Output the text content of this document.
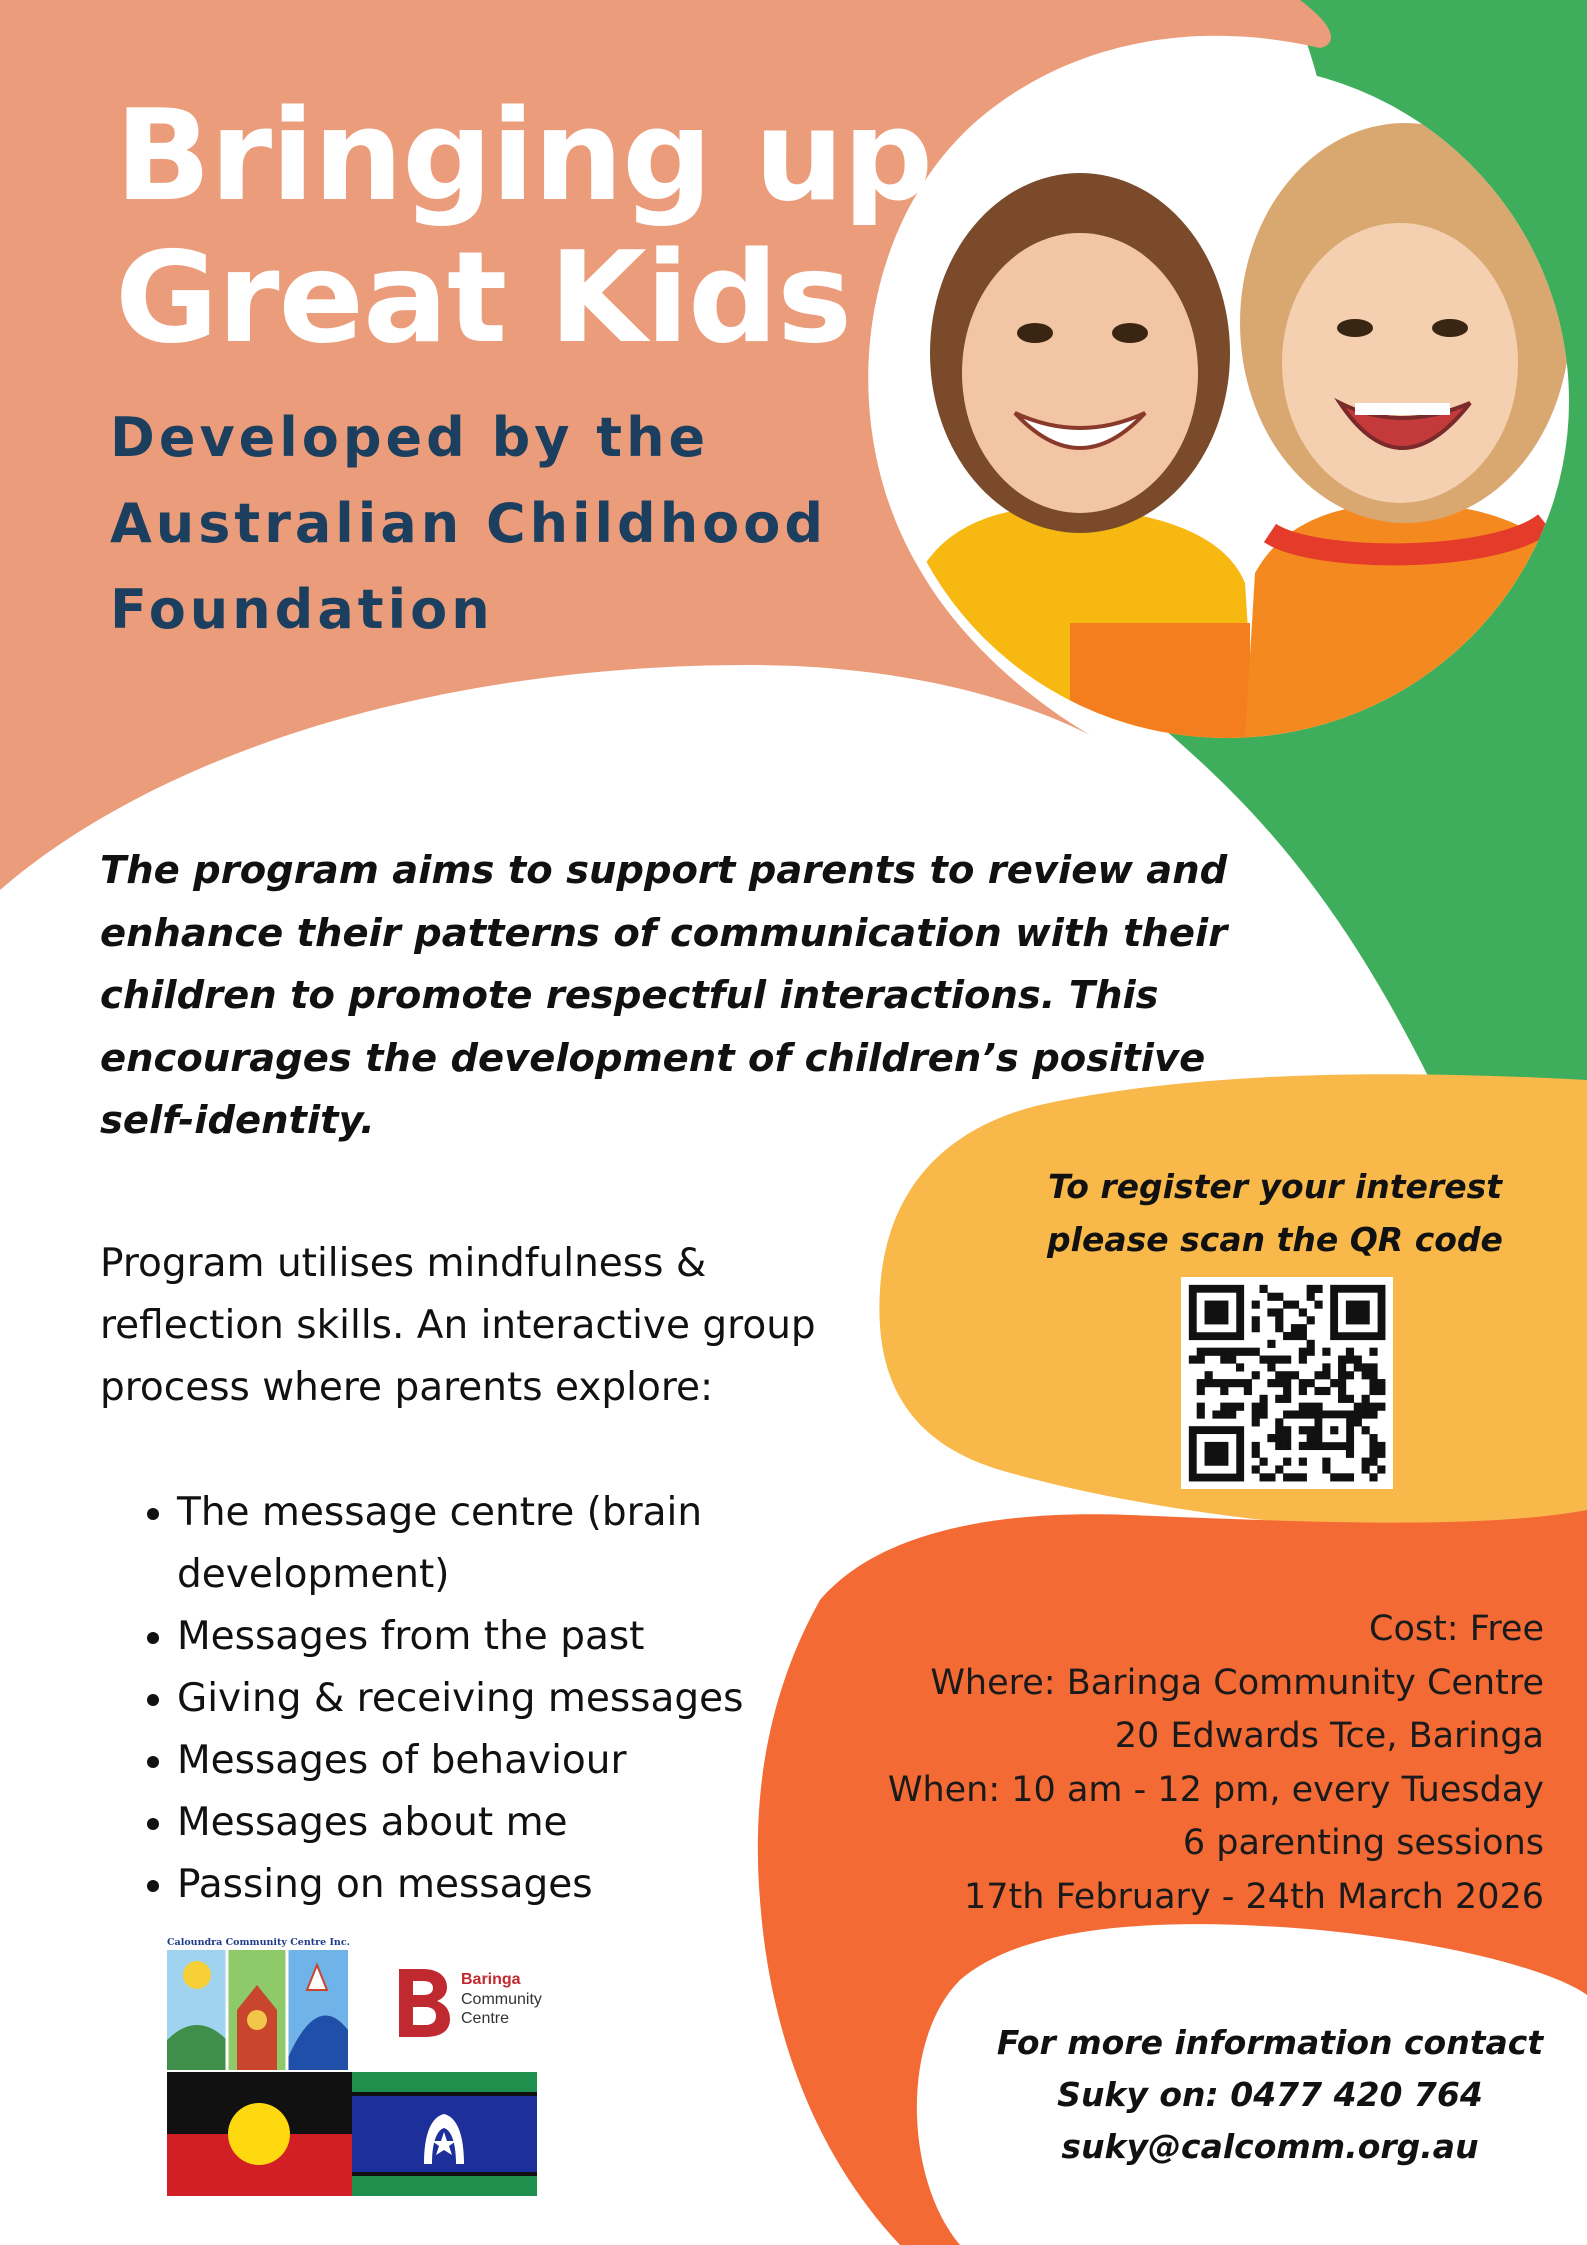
Bringing up
Great Kids
Developed by the
Australian Childhood
Foundation

The program aims to support parents to review and enhance their patterns of communication with their children to promote respectful interactions. This encourages the development of children’s positive self-identity.

Program utilises mindfulness & reflection skills. An interactive group process where parents explore:

• The message centre (brain development)
• Messages from the past
• Giving & receiving messages
• Messages of behaviour
• Messages about me
• Passing on messages
To register your interest
please scan the QR code
Cost: Free
Where: Baringa Community Centre
20 Edwards Tce, Baringa
When: 10 am - 12 pm, every Tuesday
6 parenting sessions
17th February - 24th March 2026
For more information contact
Suky on: 0477 420 764
suky@calcomm.org.au
Caloundra Community Centre Inc.
Baringa
Community
Centre
